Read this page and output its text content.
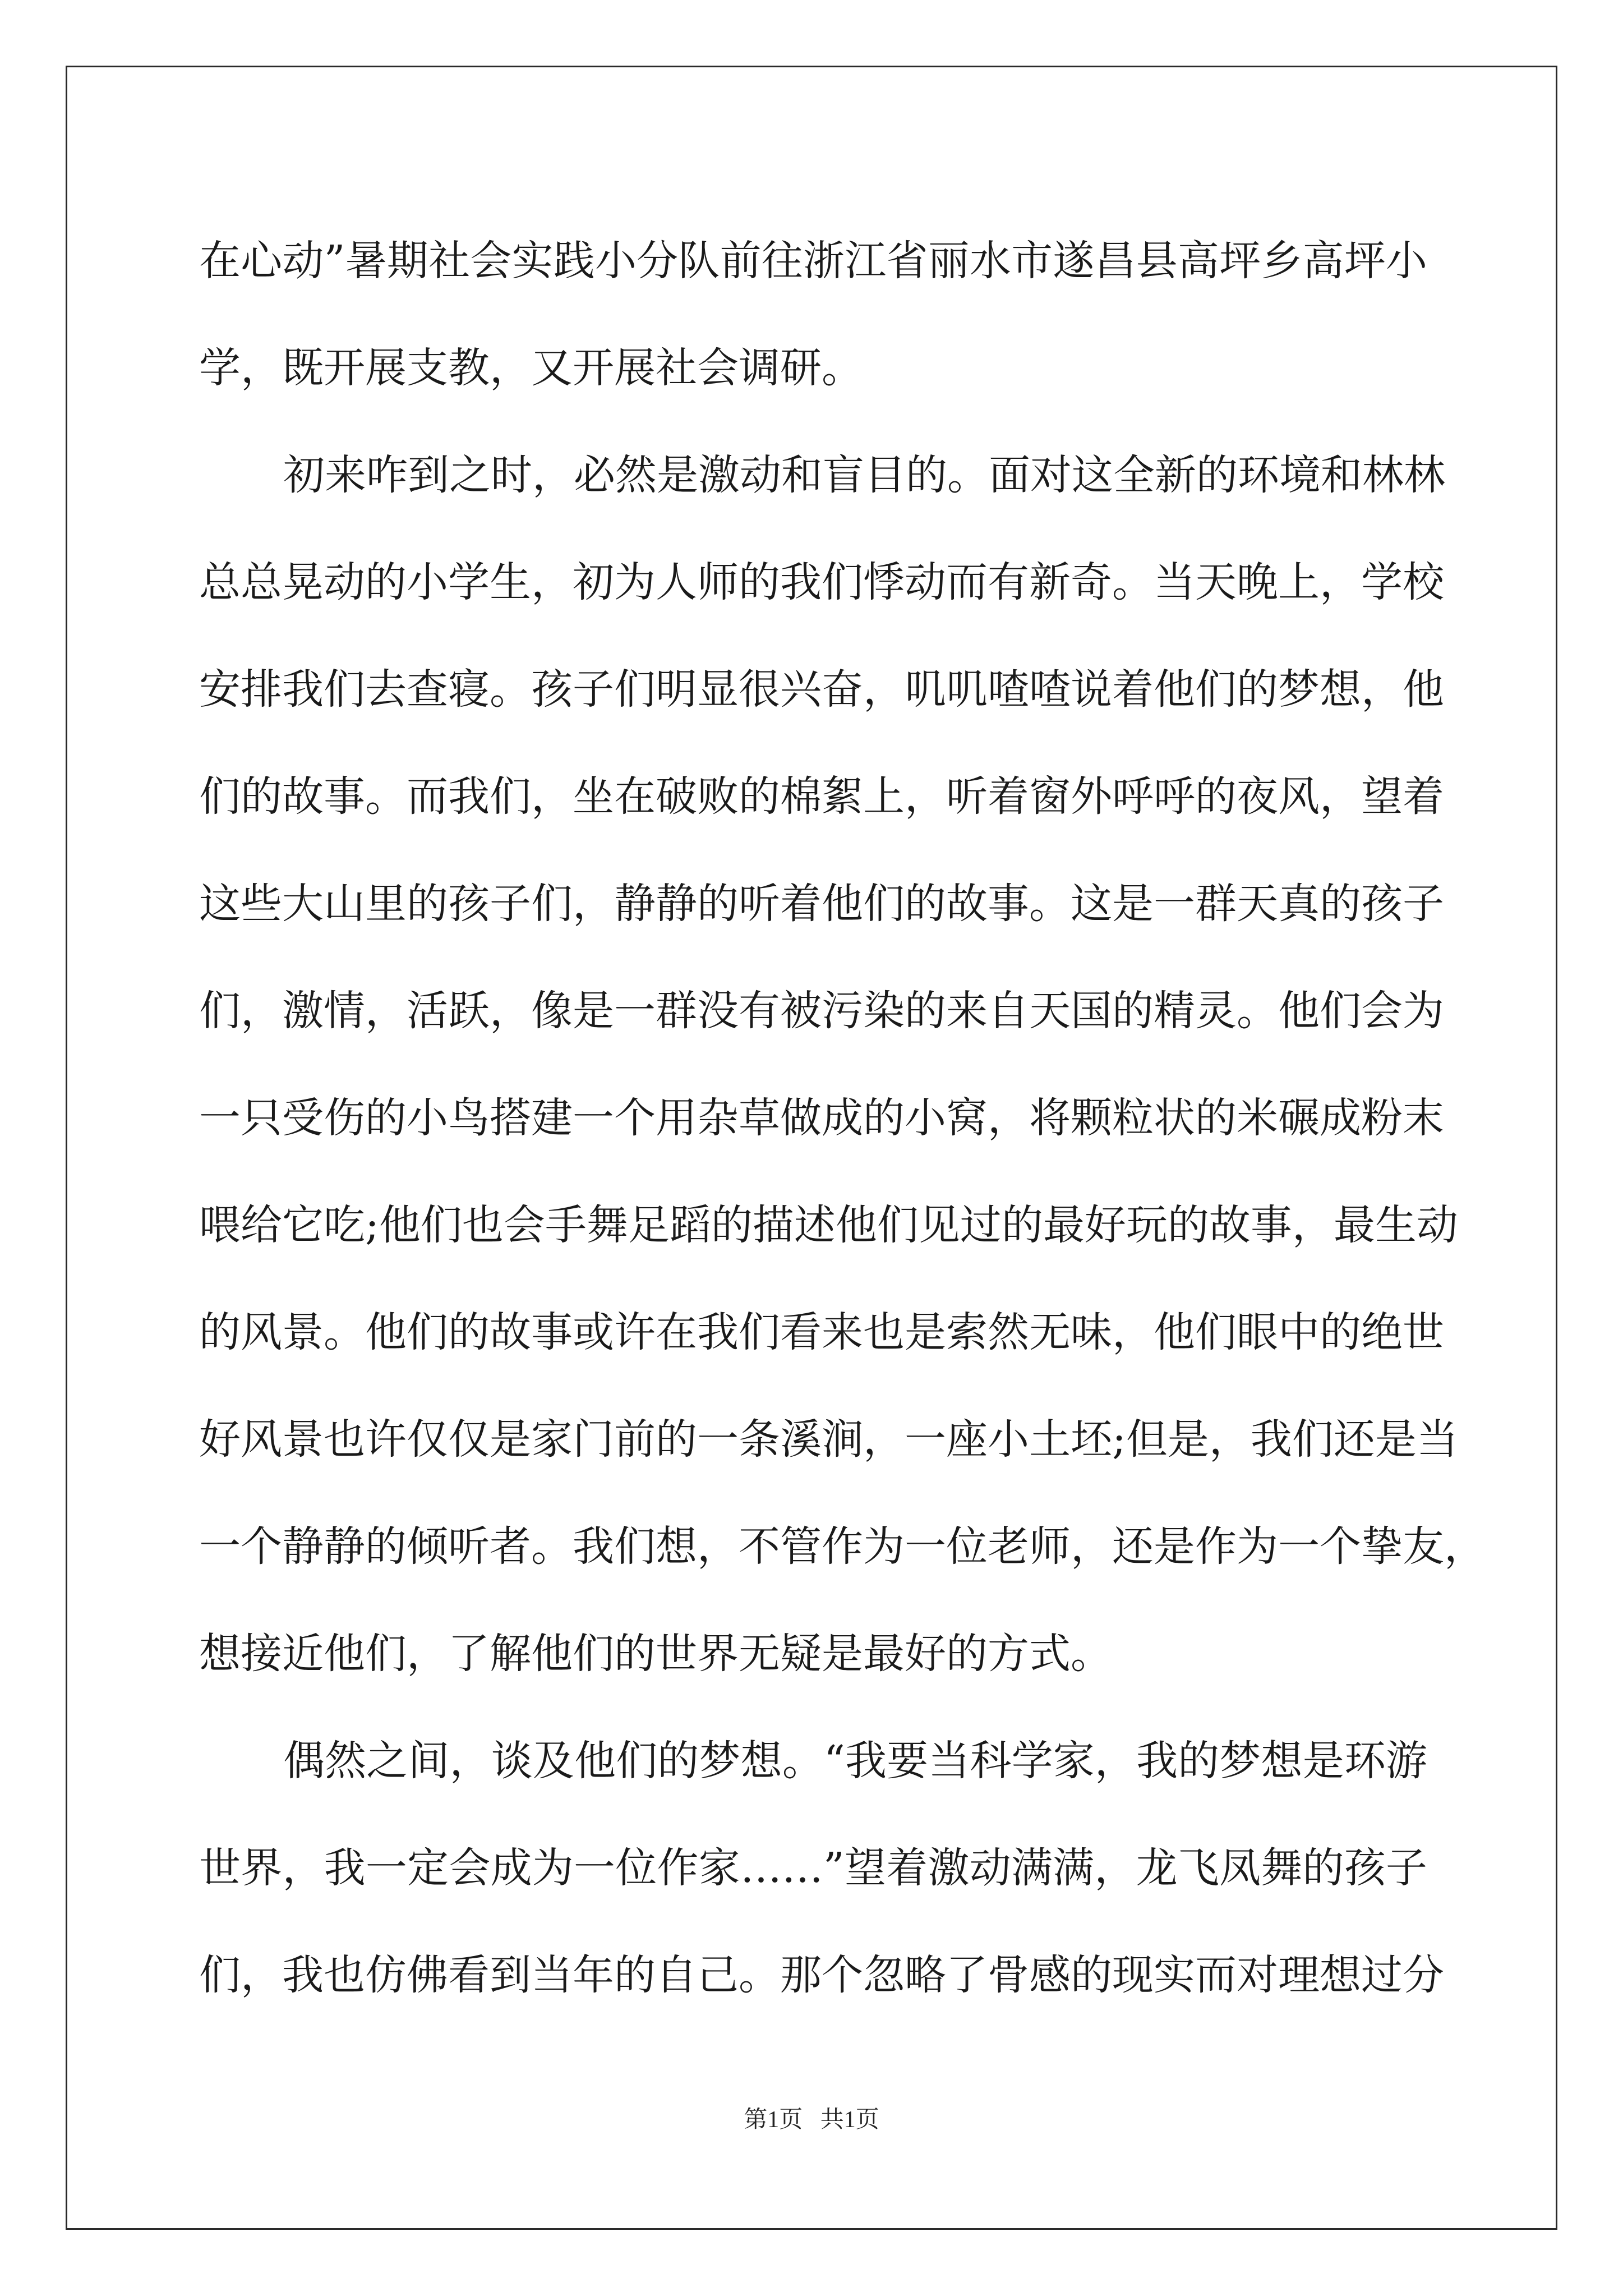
在心动”暑期社会实践小分队前往浙江省丽水市遂昌县高坪乡高坪小
学，既开展支教，又开展社会调研。
初来咋到之时，必然是激动和盲目的。面对这全新的环境和林林
总总晃动的小学生，初为人师的我们悸动而有新奇。当天晚上，学校
安排我们去查寝。孩子们明显很兴奋，叽叽喳喳说着他们的梦想，他
们的故事。而我们，坐在破败的棉絮上，听着窗外呼呼的夜风，望着
这些大山里的孩子们，静静的听着他们的故事。这是一群天真的孩子
们，激情，活跃，像是一群没有被污染的来自天国的精灵。他们会为
一只受伤的小鸟搭建一个用杂草做成的小窝，将颗粒状的米碾成粉末
喂给它吃;他们也会手舞足蹈的描述他们见过的最好玩的故事，最生动
的风景。他们的故事或许在我们看来也是索然无味，他们眼中的绝世
好风景也许仅仅是家门前的一条溪涧，一座小土坯;但是，我们还是当
一个静静的倾听者。我们想，不管作为一位老师，还是作为一个挚友，
想接近他们，了解他们的世界无疑是最好的方式。
偶然之间，谈及他们的梦想。“我要当科学家，我的梦想是环游
世界，我一定会成为一位作家……”望着激动满满，龙飞凤舞的孩子
们，我也仿佛看到当年的自己。那个忽略了骨感的现实而对理想过分
第1页   共1页
